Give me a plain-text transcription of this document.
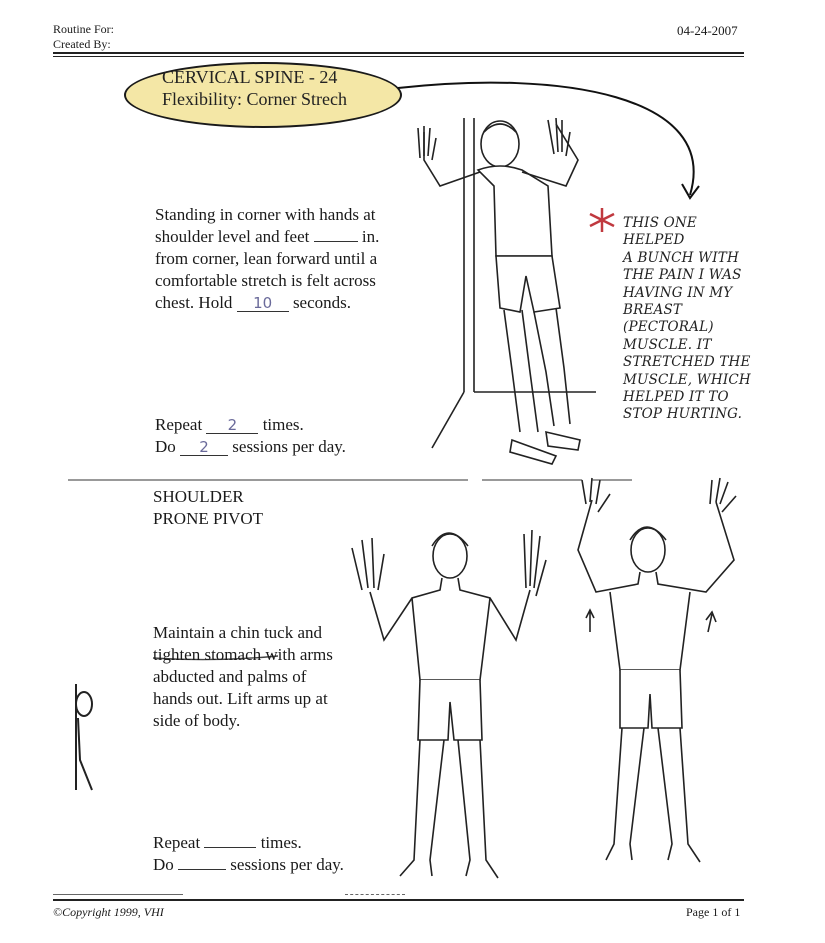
Routine For:
Created By:
04-24-2007
CERVICAL SPINE - 24
Flexibility: Corner Strech
Standing in corner with hands at
shoulder level and feet	in.
from corner, lean forward until a
comfortable stretch is felt across
chest. Hold 10 seconds.
Repeat 2 times.
Do 2 sessions per day.
THIS ONE HELPED
A BUNCH WITH
THE PAIN I WAS
HAVING IN MY
BREAST
(PECTORAL)
MUSCLE. IT
STRETCHED THE
MUSCLE, WHICH
HELPED IT TO
STOP HURTING.
SHOULDER
PRONE PIVOT
Maintain a chin tuck and
tighten stomach with arms
abducted and palms of
hands out. Lift arms up at
side of body.
Repeat	times.
Do	sessions per day.
©Copyright 1999, VHI	Page 1 of 1
